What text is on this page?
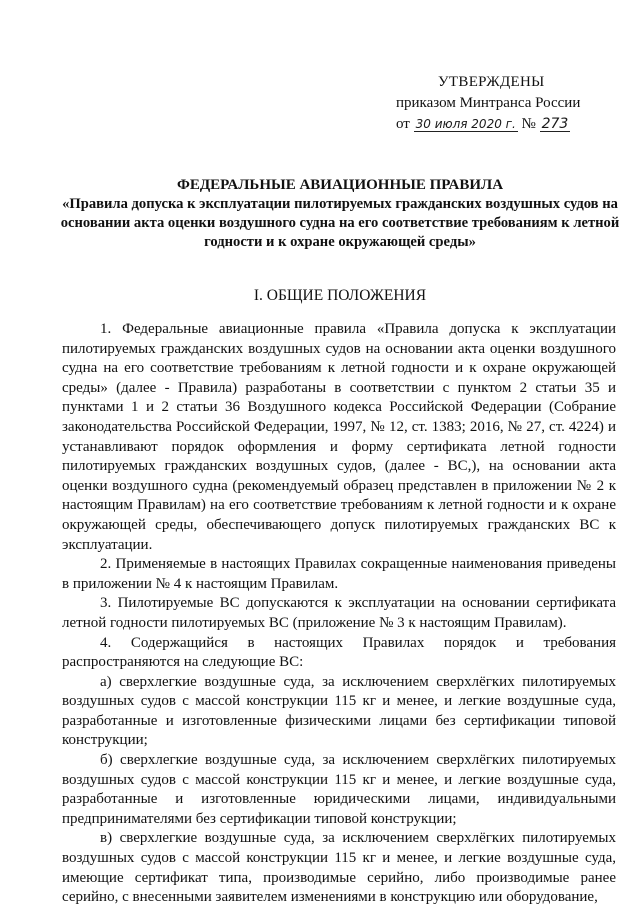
УТВЕРЖДЕНЫ
приказом Минтранса России
от 30 июля 2020 г. № 273
ФЕДЕРАЛЬНЫЕ АВИАЦИОННЫЕ ПРАВИЛА
«Правила допуска к эксплуатации пилотируемых гражданских воздушных судов на основании акта оценки воздушного судна на его соответствие требованиям к летной годности и к охране окружающей среды»
I. ОБЩИЕ ПОЛОЖЕНИЯ

1. Федеральные авиационные правила «Правила допуска к эксплуатации пилотируемых гражданских воздушных судов на основании акта оценки воздушного судна на его соответствие требованиям к летной годности и к охране окружающей среды» (далее - Правила) разработаны в соответствии с пунктом 2 статьи 35 и пунктами 1 и 2 статьи 36 Воздушного кодекса Российской Федерации (Собрание законодательства Российской Федерации, 1997, № 12, ст. 1383; 2016, № 27, ст. 4224) и устанавливают порядок оформления и форму сертификата летной годности пилотируемых гражданских воздушных судов, (далее - ВС,), на основании акта оценки воздушного судна (рекомендуемый образец представлен в приложении № 2 к настоящим Правилам) на его соответствие требованиям к летной годности и к охране окружающей среды, обеспечивающего допуск пилотируемых гражданских ВС к эксплуатации.

2. Применяемые в настоящих Правилах сокращенные наименования приведены в приложении № 4 к настоящим Правилам.

3. Пилотируемые ВС допускаются к эксплуатации на основании сертификата летной годности пилотируемых ВС (приложение № 3 к настоящим Правилам).

4. Содержащийся в настоящих Правилах порядок и требования распространяются на следующие ВС:

а) сверхлегкие воздушные суда, за исключением сверхлёгких пилотируемых воздушных судов с массой конструкции 115 кг и менее, и легкие воздушные суда, разработанные и изготовленные физическими лицами без сертификации типовой конструкции;

б) сверхлегкие воздушные суда, за исключением сверхлёгких пилотируемых воздушных судов с массой конструкции 115 кг и менее, и легкие воздушные суда, разработанные и изготовленные юридическими лицами, индивидуальными предпринимателями без сертификации типовой конструкции;

в) сверхлегкие воздушные суда, за исключением сверхлёгких пилотируемых воздушных судов с массой конструкции 115 кг и менее, и легкие воздушные суда, имеющие сертификат типа, производимые серийно, либо производимые ранее серийно, с внесенными заявителем изменениями в конструкцию или оборудование,
